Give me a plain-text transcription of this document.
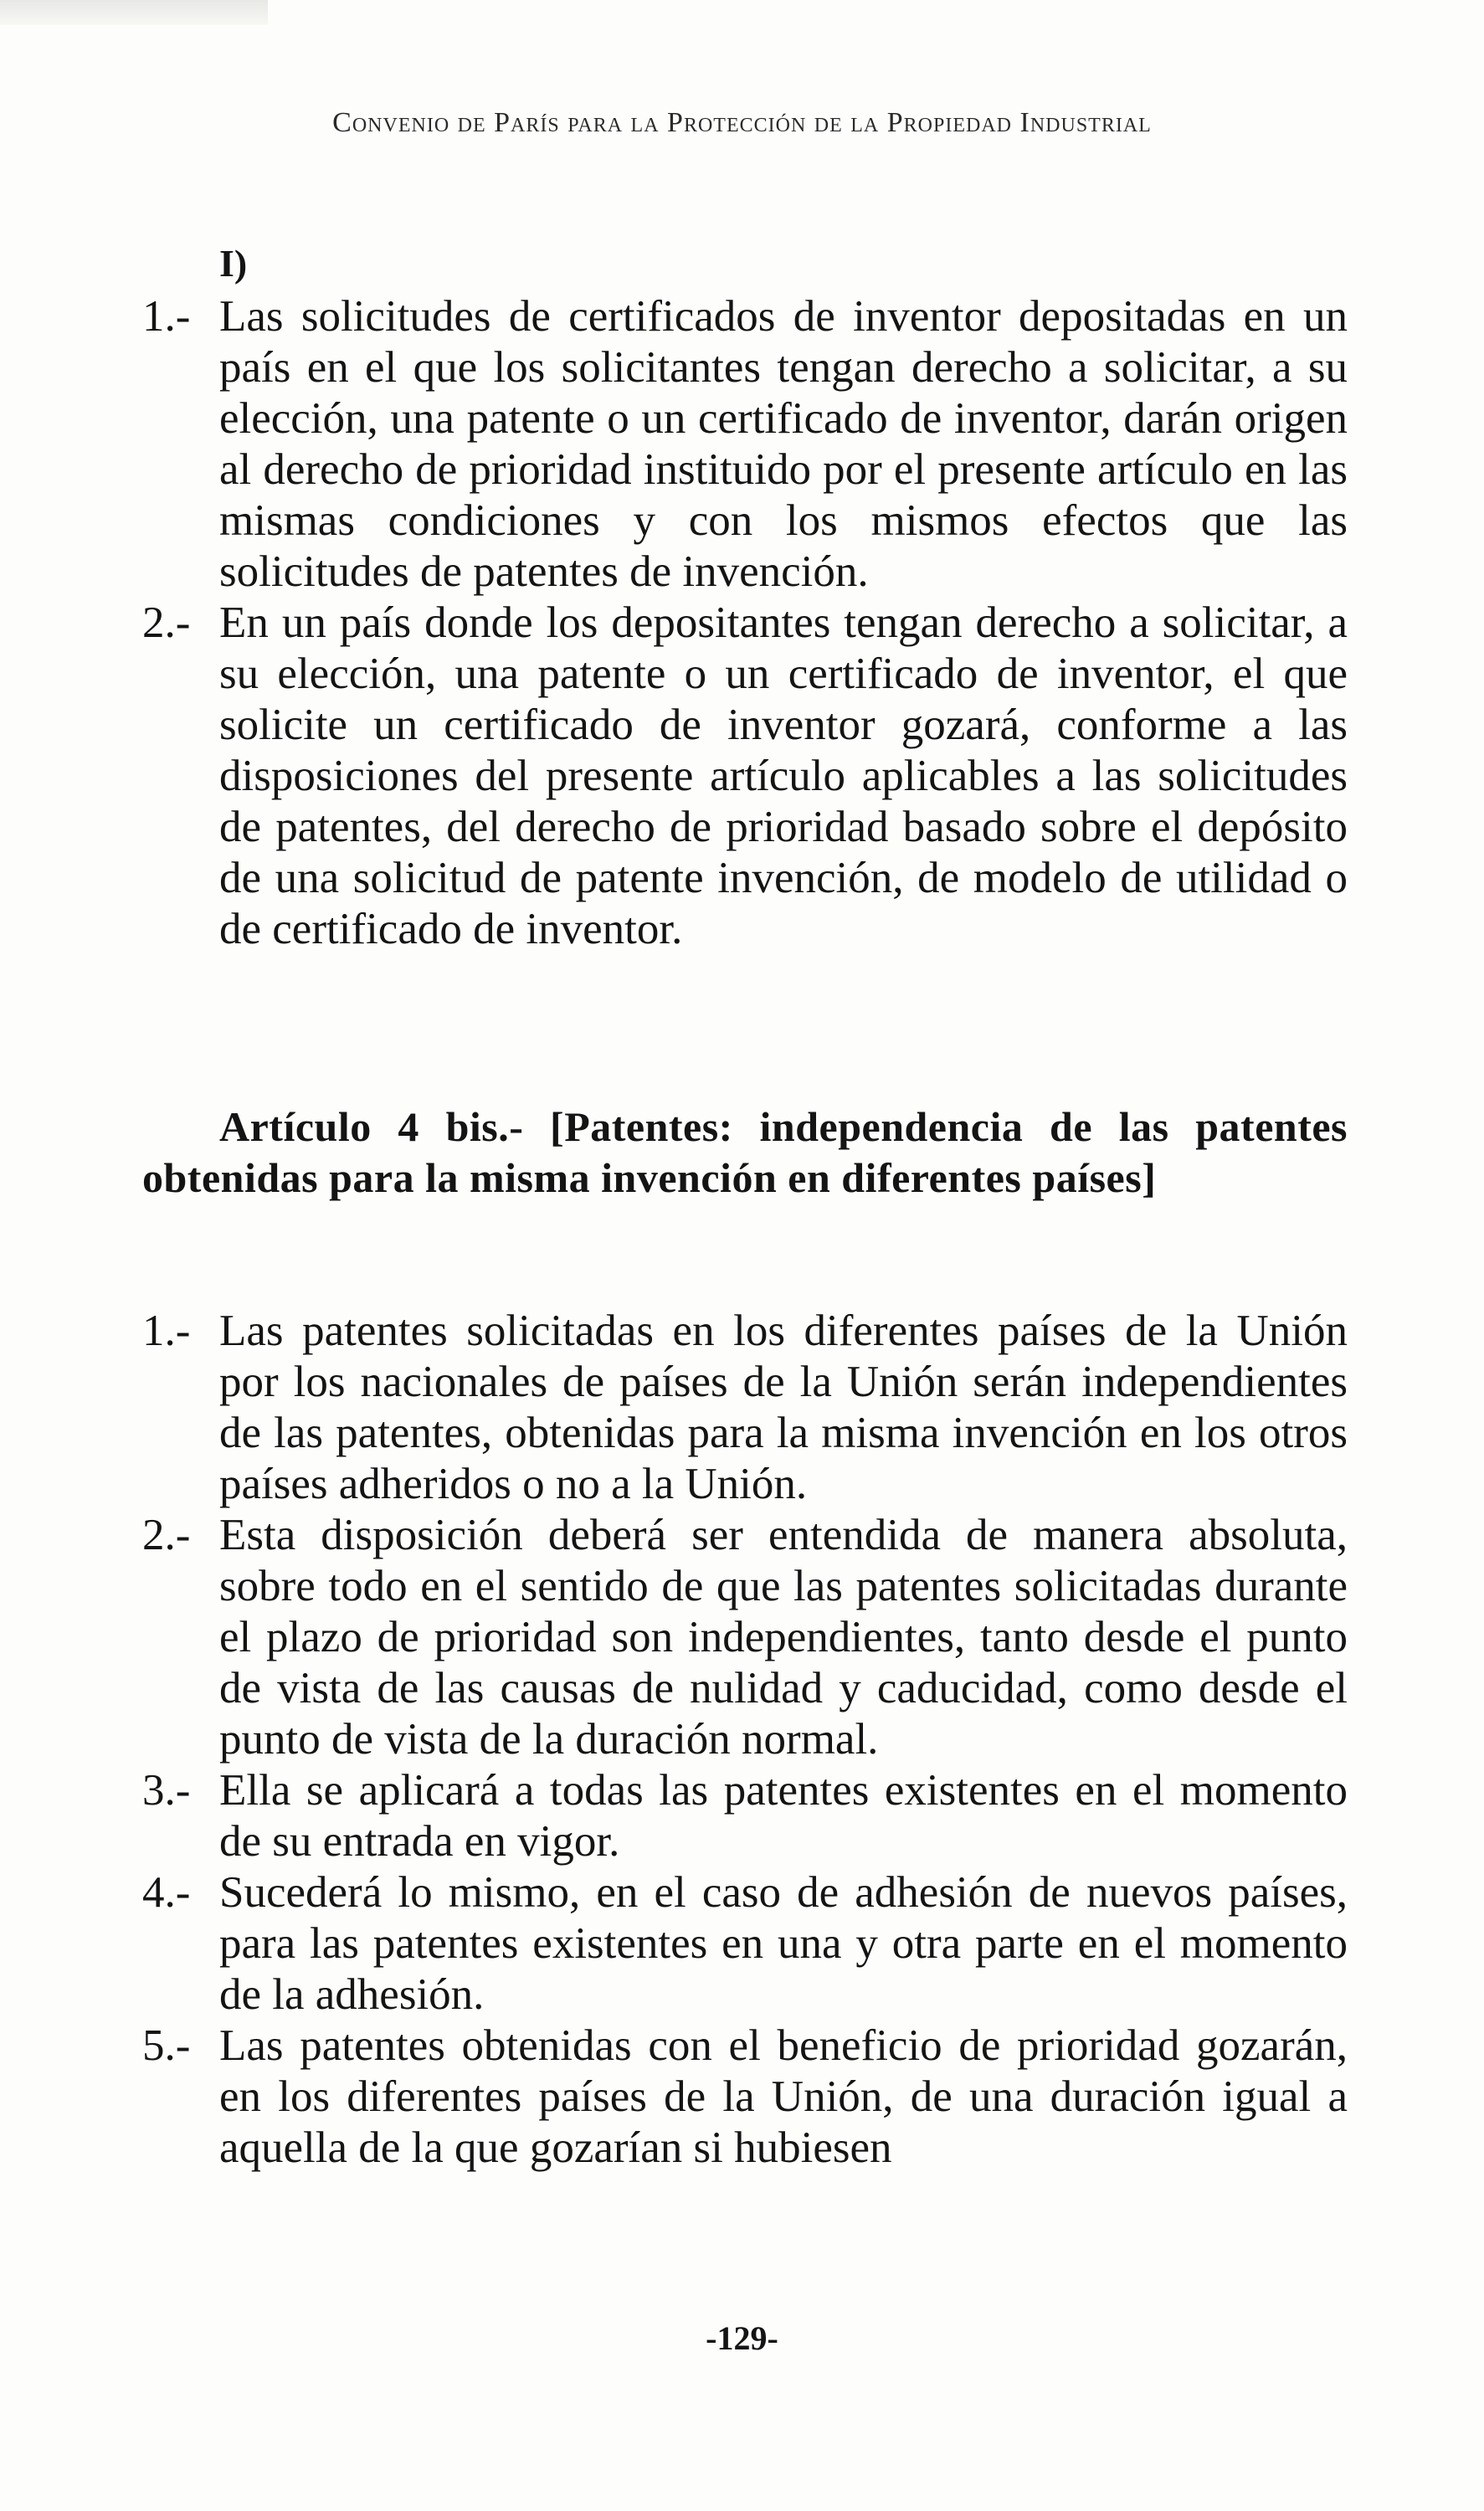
Convenio de París para la Protección de la Propiedad Industrial
I)

1.- Las solicitudes de certificados de inventor depositadas en un país en el que los solicitantes tengan derecho a solicitar, a su elección, una patente o un certificado de inventor, darán origen al derecho de prioridad instituido por el presente artículo en las mismas condiciones y con los mismos efectos que las solicitudes de patentes de invención.

2.- En un país donde los depositantes tengan derecho a solicitar, a su elección, una patente o un certificado de inventor, el que solicite un certificado de inventor gozará, conforme a las disposiciones del presente artículo aplicables a las solicitudes de patentes, del derecho de prioridad basado sobre el depósito de una solicitud de patente invención, de modelo de utilidad o de certificado de inventor.

Artículo 4 bis.- [Patentes: independencia de las patentes obtenidas para la misma invención en diferentes países]

1.- Las patentes solicitadas en los diferentes países de la Unión por los nacionales de países de la Unión serán independientes de las patentes, obtenidas para la misma invención en los otros países adheridos o no a la Unión.

2.- Esta disposición deberá ser entendida de manera absoluta, sobre todo en el sentido de que las patentes solicitadas durante el plazo de prioridad son independientes, tanto desde el punto de vista de las causas de nulidad y caducidad, como desde el punto de vista de la duración normal.

3.- Ella se aplicará a todas las patentes existentes en el momento de su entrada en vigor.

4.- Sucederá lo mismo, en el caso de adhesión de nuevos países, para las patentes existentes en una y otra parte en el momento de la adhesión.

5.- Las patentes obtenidas con el beneficio de prioridad gozarán, en los diferentes países de la Unión, de una duración igual a aquella de la que gozarían si hubiesen

-129-
